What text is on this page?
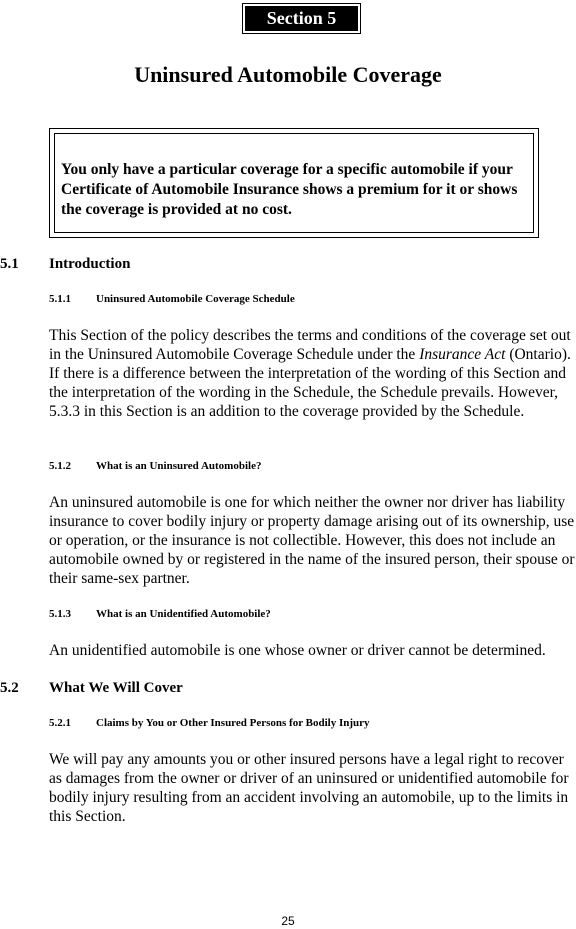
Section 5
Uninsured Automobile Coverage
You only have a particular coverage for a specific automobile if your Certificate of Automobile Insurance shows a premium for it or shows the coverage is provided at no cost.
5.1 Introduction
5.1.1 Uninsured Automobile Coverage Schedule

This Section of the policy describes the terms and conditions of the coverage set out in the Uninsured Automobile Coverage Schedule under the Insurance Act (Ontario). If there is a difference between the interpretation of the wording of this Section and the interpretation of the wording in the Schedule, the Schedule prevails. However, 5.3.3 in this Section is an addition to the coverage provided by the Schedule.

5.1.2 What is an Uninsured Automobile?

An uninsured automobile is one for which neither the owner nor driver has liability insurance to cover bodily injury or property damage arising out of its ownership, use or operation, or the insurance is not collectible. However, this does not include an automobile owned by or registered in the name of the insured person, their spouse or their same-sex partner.

5.1.3 What is an Unidentified Automobile?

An unidentified automobile is one whose owner or driver cannot be determined.

5.2 What We Will Cover
5.2.1 Claims by You or Other Insured Persons for Bodily Injury

We will pay any amounts you or other insured persons have a legal right to recover as damages from the owner or driver of an uninsured or unidentified automobile for bodily injury resulting from an accident involving an automobile, up to the limits in this Section.

25
